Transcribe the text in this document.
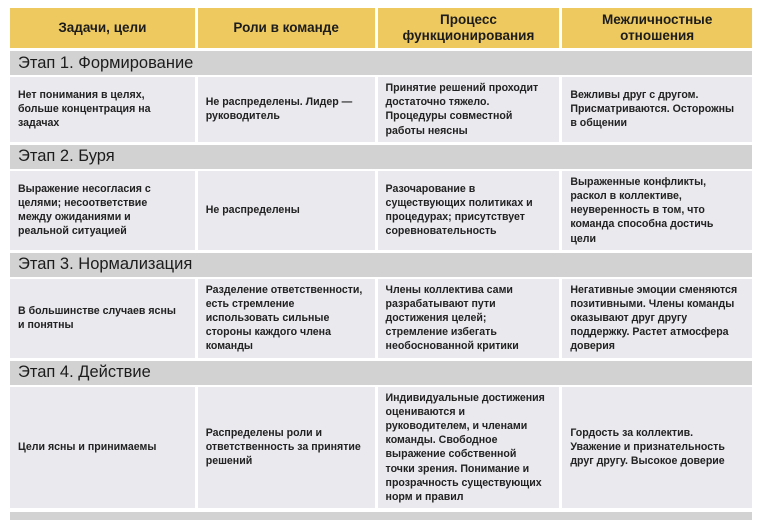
Задачи, цели	Роли в команде
Процесс функционирования
Межличностные отношения
Этап 1. Формирование
Нет понимания в целях, больше концентрация на задачах
Не распределены. Лидер — руководитель
Принятие решений проходит достаточно тяжело. Процедуры совместной работы неясны
Вежливы друг с другом. Присматриваются. Осторожны в общении
Этап 2. Буря
Выражение несогласия с целями; несоответствие между ожиданиями и реальной ситуацией
Не распределены
Разочарование в существующих политиках и процедурах; присутствует соревновательность
Выраженные конфликты, раскол в коллективе, неуверенность в том, что команда способна достичь цели
Этап 3. Нормализация
В большинстве случаев ясны и понятны
Разделение ответственности, есть стремление использовать сильные стороны каждого члена команды
Члены коллектива сами разрабатывают пути достижения целей; стремление избегать необоснованной критики
Негативные эмоции сменяются позитивными. Члены команды оказывают друг другу поддержку. Растет атмосфера доверия
Этап 4. Действие
Цели ясны и принимаемы
Распределены роли и ответственность за принятие решений
Индивидуальные достижения оцениваются и руководителем, и членами команды. Свободное выражение собственной точки зрения. Понимание и прозрачность существующих норм и правил
Гордость за коллектив. Уважение и признательность друг другу. Высокое доверие
